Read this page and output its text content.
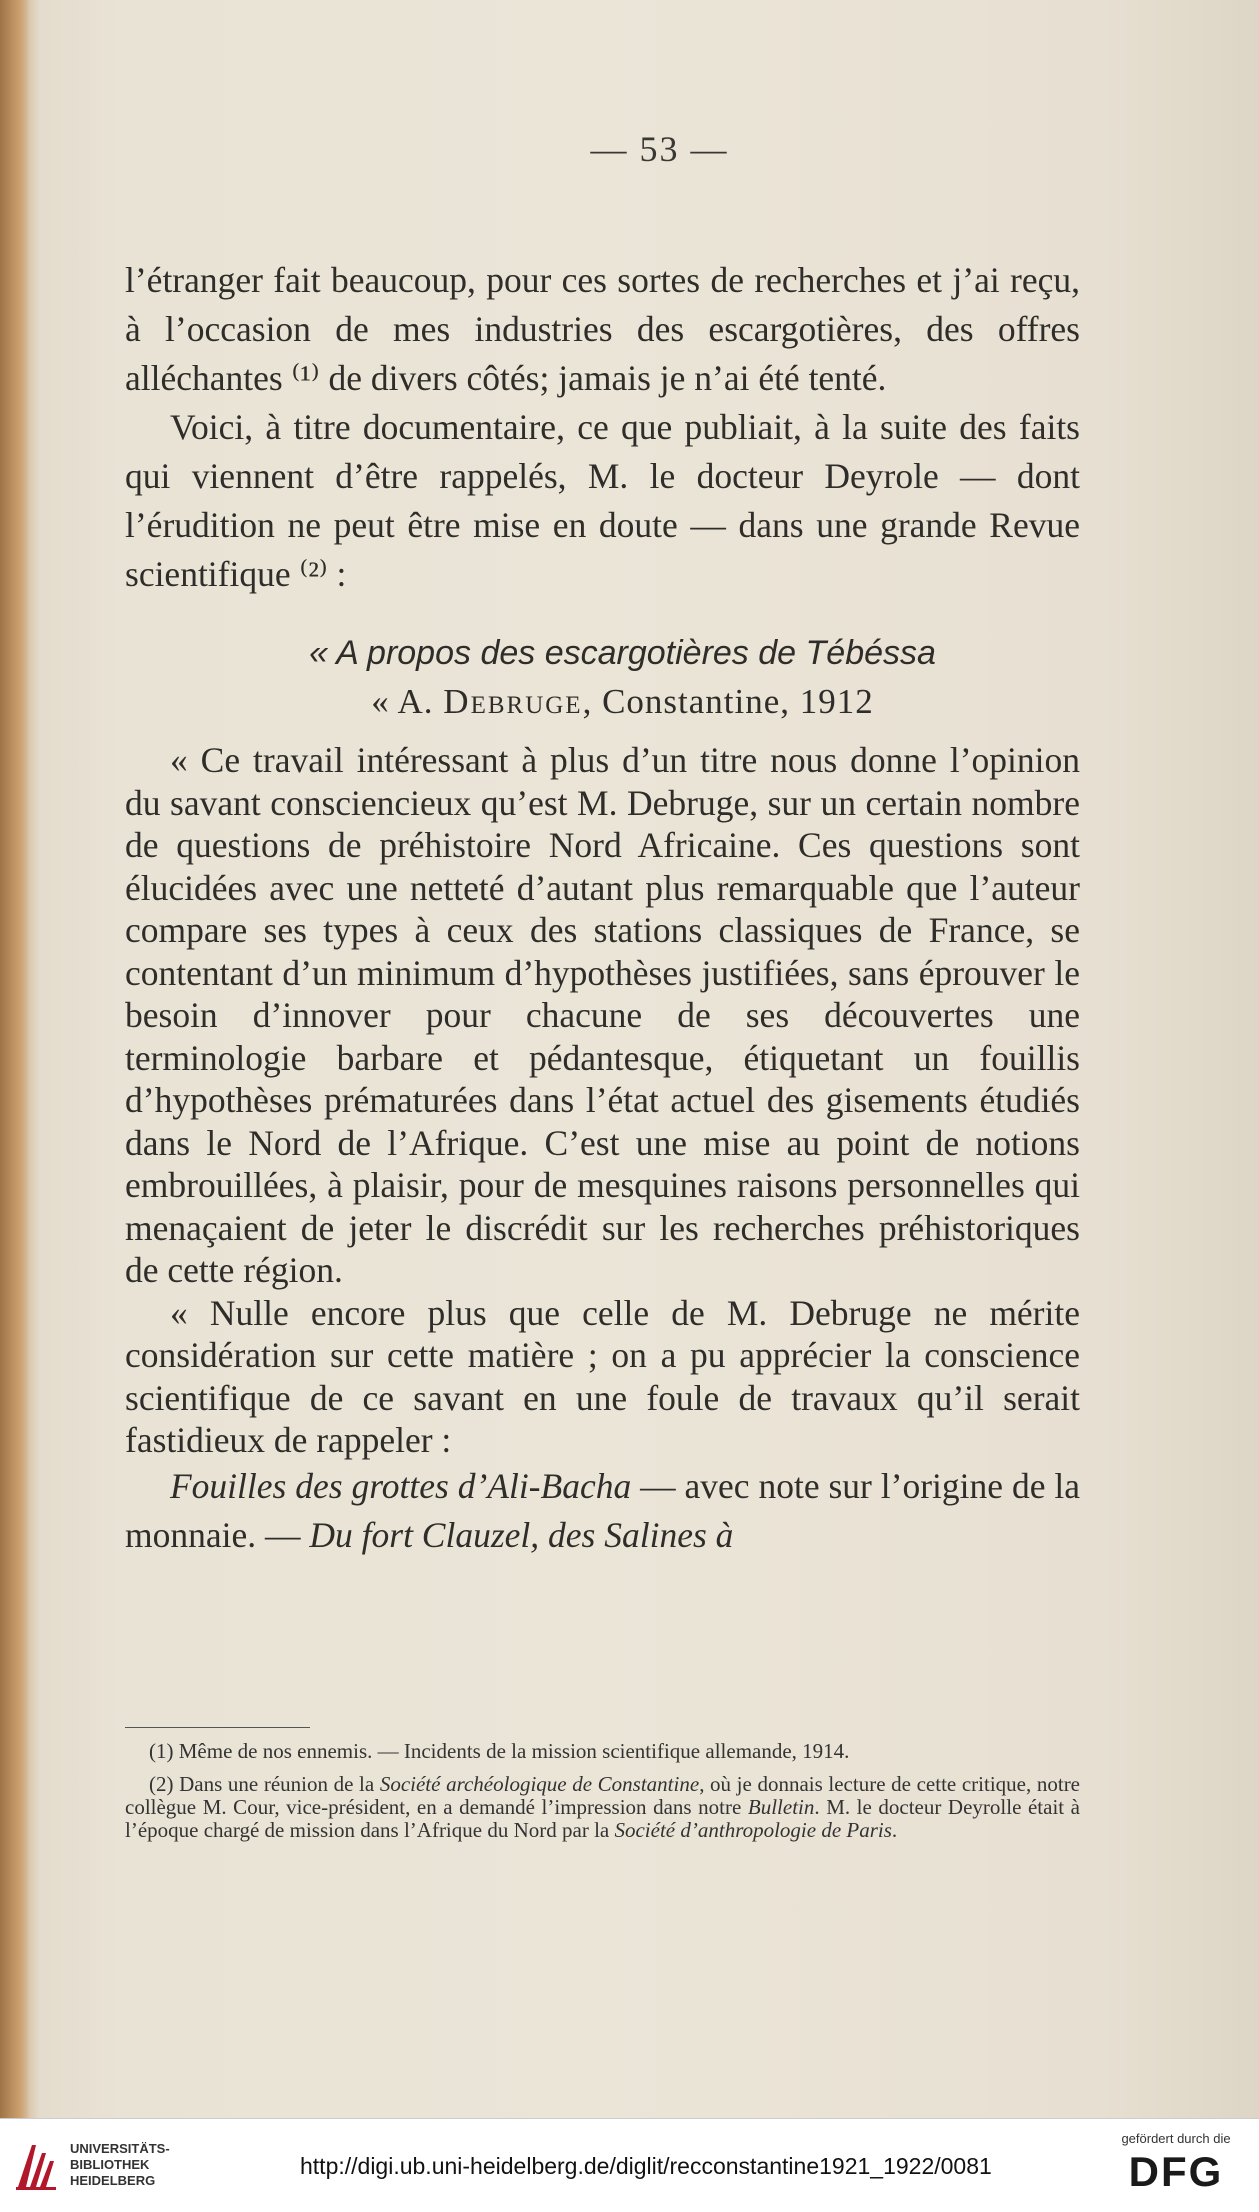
— 53 —

l’étranger fait beaucoup, pour ces sortes de recherches et j’ai reçu, à l’occasion de mes industries des escargotières, des offres alléchantes ⁽¹⁾ de divers côtés; jamais je n’ai été tenté.

Voici, à titre documentaire, ce que publiait, à la suite des faits qui viennent d’être rappelés, M. le docteur Deyrole — dont l’érudition ne peut être mise en doute — dans une grande Revue scientifique ⁽²⁾ :

« A propos des escargotières de Tébéssa
« A. Debruge, Constantine, 1912

« Ce travail intéressant à plus d’un titre nous donne l’opinion du savant consciencieux qu’est M. Debruge, sur un certain nombre de questions de préhistoire Nord Africaine. Ces questions sont élucidées avec une netteté d’autant plus remarquable que l’auteur compare ses types à ceux des stations classiques de France, se contentant d’un minimum d’hypothèses justifiées, sans éprouver le besoin d’innover pour chacune de ses découvertes une terminologie barbare et pédantesque, étiquetant un fouillis d’hypothèses prématurées dans l’état actuel des gisements étudiés dans le Nord de l’Afrique. C’est une mise au point de notions embrouillées, à plaisir, pour de mesquines raisons personnelles qui menaçaient de jeter le discrédit sur les recherches préhistoriques de cette région.

« Nulle encore plus que celle de M. Debruge ne mérite considération sur cette matière ; on a pu apprécier la conscience scientifique de ce savant en une foule de travaux qu’il serait fastidieux de rappeler :

Fouilles des grottes d’Ali-Bacha — avec note sur l’origine de la monnaie. — Du fort Clauzel, des Salines à

(1) Même de nos ennemis. — Incidents de la mission scientifique allemande, 1914.

(2) Dans une réunion de la Société archéologique de Constantine, où je donnais lecture de cette critique, notre collègue M. Cour, vice-président, en a demandé l’impression dans notre Bulletin. M. le docteur Deyrolle était à l’époque chargé de mission dans l’Afrique du Nord par la Société d’anthropologie de Paris.

UNIVERSITÄTS-
BIBLIOTHEK
HEIDELBERG
http://digi.ub.uni-heidelberg.de/diglit/recconstantine1921_1922/0081
gefördert durch die
DFG
